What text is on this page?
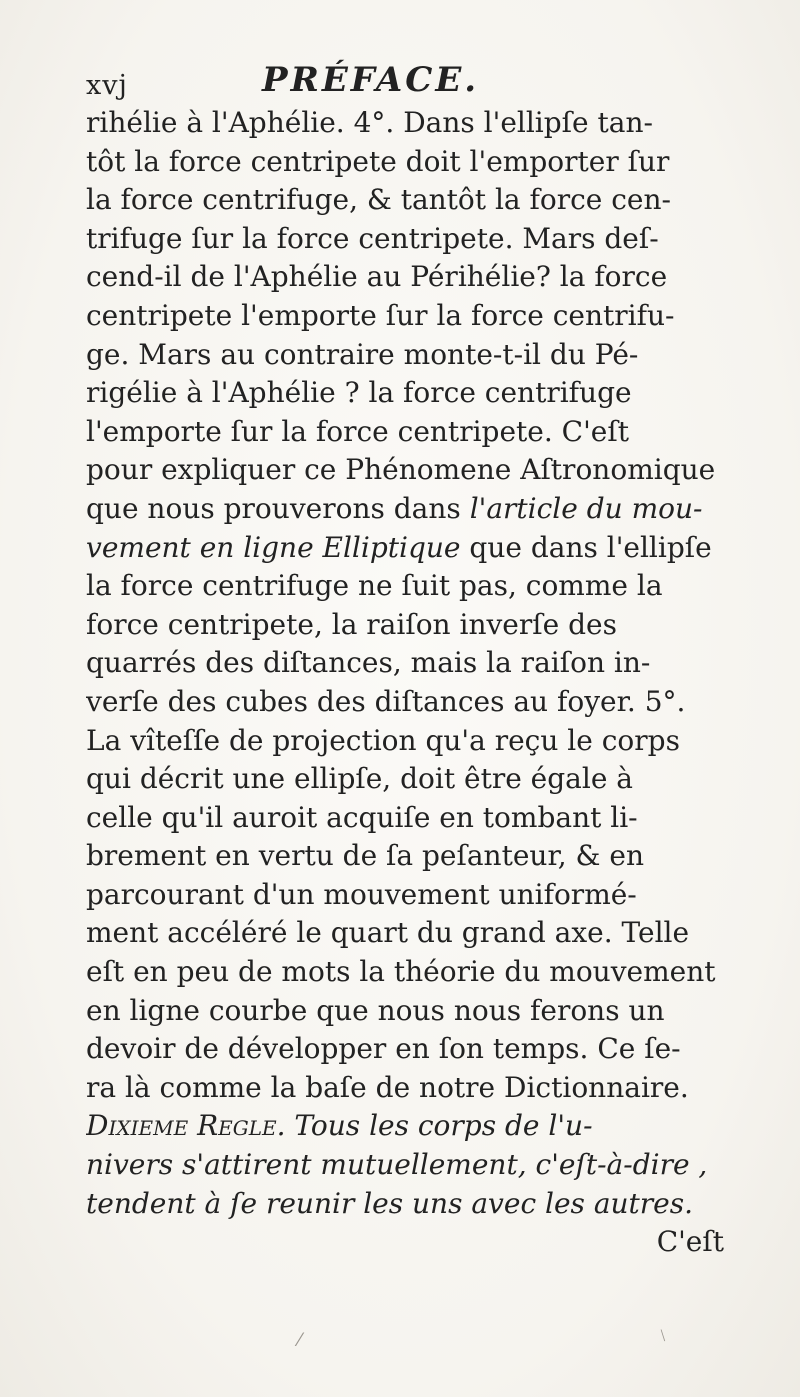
xvj	PRÉFACE.
rihélie à l'Aphélie. 4°. Dans l'ellipſe tan-
tôt la force centripete doit l'emporter ſur
la force centrifuge, & tantôt la force cen-
trifuge ſur la force centripete. Mars deſ-
cend-il de l'Aphélie au Périhélie? la force
centripete l'emporte ſur la force centrifu-
ge. Mars au contraire monte-t-il du Pé-
rigélie à l'Aphélie ? la force centrifuge
l'emporte ſur la force centripete. C'eſt
pour expliquer ce Phénomene Aſtronomique
que nous prouverons dans l'article du mou-
vement en ligne Elliptique que dans l'ellipſe
la force centrifuge ne ſuit pas, comme la
force centripete, la raiſon inverſe des
quarrés des diſtances, mais la raiſon in-
verſe des cubes des diſtances au foyer. 5°.
La vîteſſe de projection qu'a reçu le corps
qui décrit une ellipſe, doit être égale à
celle qu'il auroit acquiſe en tombant li-
brement en vertu de ſa peſanteur, & en
parcourant d'un mouvement uniformé-
ment accéléré le quart du grand axe. Telle
eſt en peu de mots la théorie du mouvement
en ligne courbe que nous nous ferons un
devoir de développer en ſon temps. Ce ſe-
ra là comme la baſe de notre Dictionnaire.
Dixieme Regle. Tous les corps de l'u-
nivers s'attirent mutuellement, c'eſt-à-dire ,
tendent à ſe reunir les uns avec les autres.
C'eſt
⁄	﹨
